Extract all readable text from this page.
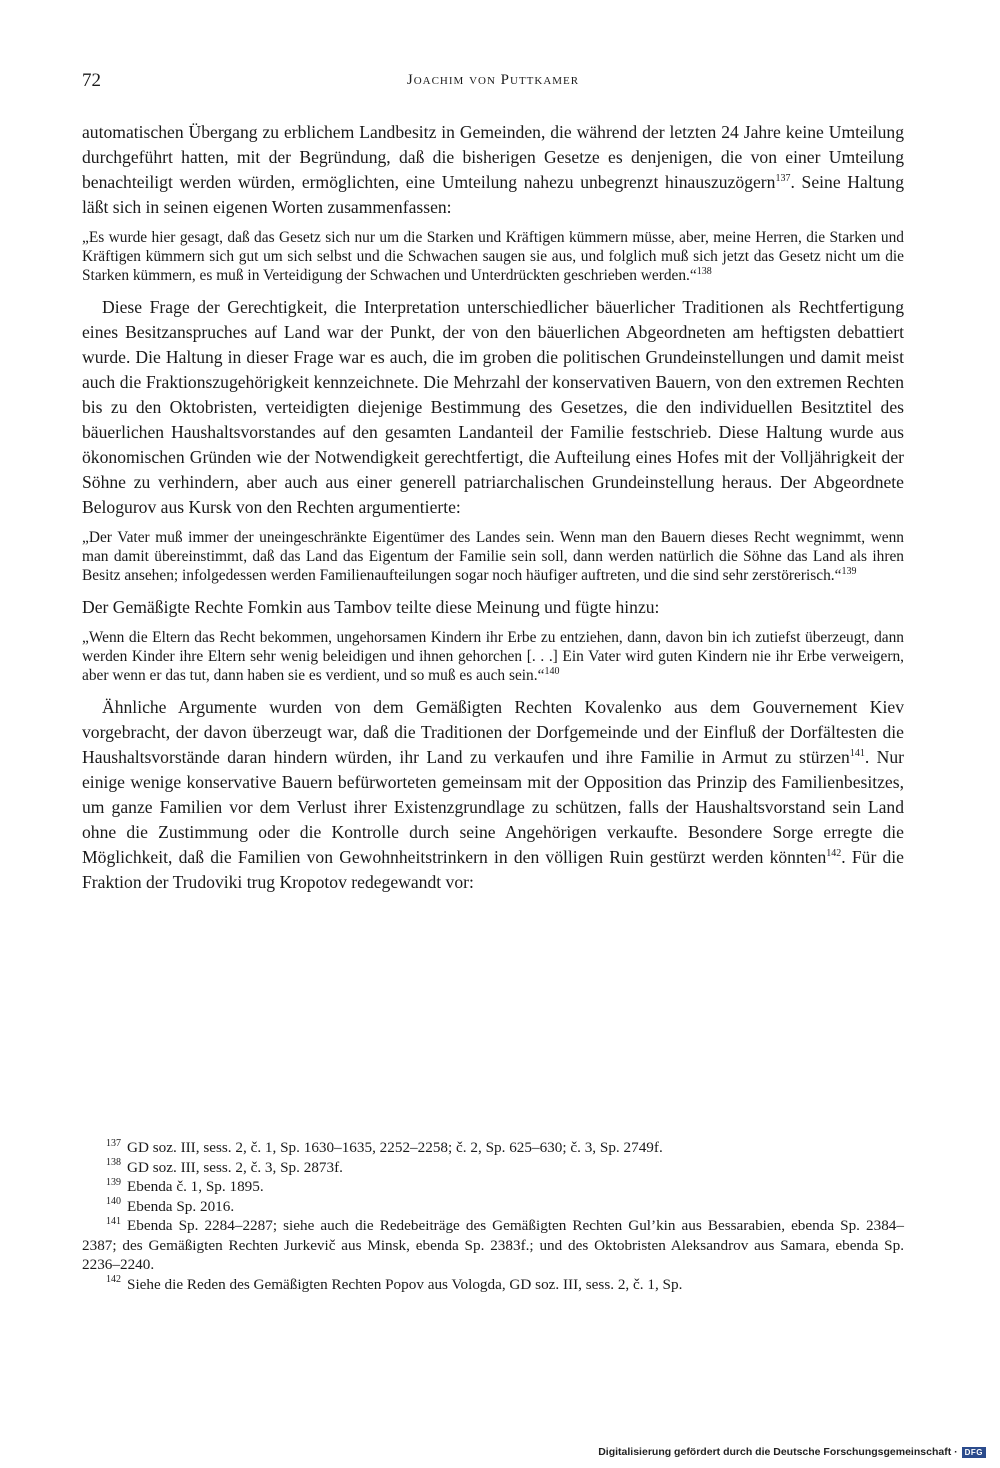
72	Joachim von Puttkamer

automatischen Übergang zu erblichem Landbesitz in Gemeinden, die während der letzten 24 Jahre keine Umteilung durchgeführt hatten, mit der Begründung, daß die bisherigen Gesetze es denjenigen, die von einer Umteilung benachteiligt werden würden, ermöglichten, eine Umteilung nahezu unbegrenzt hinauszuzögern$^{137}$. Seine Haltung läßt sich in seinen eigenen Worten zusammenfassen:

„Es wurde hier gesagt, daß das Gesetz sich nur um die Starken und Kräftigen kümmern müsse, aber, meine Herren, die Starken und Kräftigen kümmern sich gut um sich selbst und die Schwachen saugen sie aus, und folglich muß sich jetzt das Gesetz nicht um die Starken kümmern, es muß in Verteidigung der Schwachen und Unterdrückten geschrieben werden.“$^{138}$

Diese Frage der Gerechtigkeit, die Interpretation unterschiedlicher bäuerlicher Traditionen als Rechtfertigung eines Besitzanspruches auf Land war der Punkt, der von den bäuerlichen Abgeordneten am heftigsten debattiert wurde. Die Haltung in dieser Frage war es auch, die im groben die politischen Grundeinstellungen und damit meist auch die Fraktionszugehörigkeit kennzeichnete. Die Mehrzahl der konservativen Bauern, von den extremen Rechten bis zu den Oktobristen, verteidigten diejenige Bestimmung des Gesetzes, die den individuellen Besitztitel des bäuerlichen Haushaltsvorstandes auf den gesamten Landanteil der Familie festschrieb. Diese Haltung wurde aus ökonomischen Gründen wie der Notwendigkeit gerechtfertigt, die Aufteilung eines Hofes mit der Volljährigkeit der Söhne zu verhindern, aber auch aus einer generell patriarchalischen Grundeinstellung heraus. Der Abgeordnete Belogurov aus Kursk von den Rechten argumentierte:

„Der Vater muß immer der uneingeschränkte Eigentümer des Landes sein. Wenn man den Bauern dieses Recht wegnimmt, wenn man damit übereinstimmt, daß das Land das Eigentum der Familie sein soll, dann werden natürlich die Söhne das Land als ihren Besitz ansehen; infolgedessen werden Familienaufteilungen sogar noch häufiger auftreten, und die sind sehr zerstörerisch.“$^{139}$

Der Gemäßigte Rechte Fomkin aus Tambov teilte diese Meinung und fügte hinzu:

„Wenn die Eltern das Recht bekommen, ungehorsamen Kindern ihr Erbe zu entziehen, dann, davon bin ich zutiefst überzeugt, dann werden Kinder ihre Eltern sehr wenig beleidigen und ihnen gehorchen [. . .] Ein Vater wird guten Kindern nie ihr Erbe verweigern, aber wenn er das tut, dann haben sie es verdient, und so muß es auch sein.“$^{140}$

Ähnliche Argumente wurden von dem Gemäßigten Rechten Kovalenko aus dem Gouvernement Kiev vorgebracht, der davon überzeugt war, daß die Traditionen der Dorfgemeinde und der Einfluß der Dorfältesten die Haushaltsvorstände daran hindern würden, ihr Land zu verkaufen und ihre Familie in Armut zu stürzen$^{141}$. Nur einige wenige konservative Bauern befürworteten gemeinsam mit der Opposition das Prinzip des Familienbesitzes, um ganze Familien vor dem Verlust ihrer Existenzgrundlage zu schützen, falls der Haushaltsvorstand sein Land ohne die Zustimmung oder die Kontrolle durch seine Angehörigen verkaufte. Besondere Sorge erregte die Möglichkeit, daß die Familien von Gewohnheitstrinkern in den völligen Ruin gestürzt werden könnten$^{142}$. Für die Fraktion der Trudoviki trug Kropotov redegewandt vor:

$^{137}$ GD soz. III, sess. 2, č. 1, Sp. 1630–1635, 2252–2258; č. 2, Sp. 625–630; č. 3, Sp. 2749f.

$^{138}$ GD soz. III, sess. 2, č. 3, Sp. 2873f.

$^{139}$ Ebenda č. 1, Sp. 1895.

$^{140}$ Ebenda Sp. 2016.

$^{141}$ Ebenda Sp. 2284–2287; siehe auch die Redebeiträge des Gemäßigten Rechten Gul’kin aus Bessarabien, ebenda Sp. 2384–2387; des Gemäßigten Rechten Jurkevič aus Minsk, ebenda Sp. 2383f.; und des Oktobristen Aleksandrov aus Samara, ebenda Sp. 2236–2240.

$^{142}$ Siehe die Reden des Gemäßigten Rechten Popov aus Vologda, GD soz. III, sess. 2, č. 1, Sp.

Digitalisierung gefördert durch die Deutsche Forschungsgemeinschaft · DFG
